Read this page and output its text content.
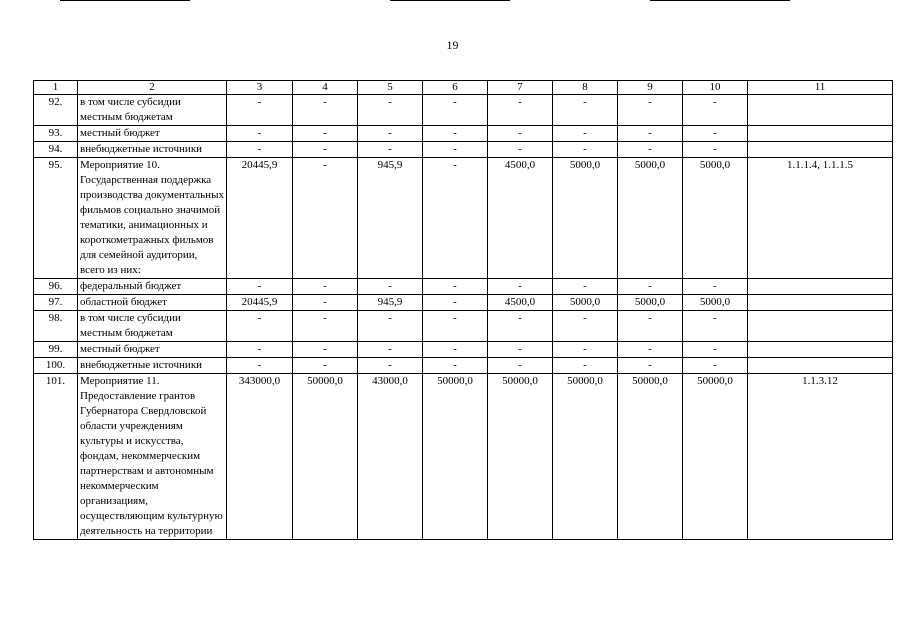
19
1	2	3	4	5	6	7	8	9	10	11
92.	в том числе субсидии местным бюджетам	-	-	-	-	-	-	-	-	
93.	местный бюджет	-	-	-	-	-	-	-	-	
94.	внебюджетные источники	-	-	-	-	-	-	-	-	
95.	Мероприятие 10. Государственная поддержка производства документальных фильмов социально значимой тематики, анимационных и короткометражных фильмов для семейной аудитории, всего из них:	20445,9	-	945,9	-	4500,0	5000,0	5000,0	5000,0	1.1.1.4, 1.1.1.5
96.	федеральный бюджет	-	-	-	-	-	-	-	-	
97.	областной бюджет	20445,9	-	945,9	-	4500,0	5000,0	5000,0	5000,0	
98.	в том числе субсидии местным бюджетам	-	-	-	-	-	-	-	-	
99.	местный бюджет	-	-	-	-	-	-	-	-	
100.	внебюджетные источники	-	-	-	-	-	-	-	-	
101.	Мероприятие 11. Предоставление грантов Губернатора Свердловской области учреждениям культуры и искусства, фондам, некоммерческим партнерствам и автономным некоммерческим организациям, осуществляющим культурную деятельность на территории	343000,0	50000,0	43000,0	50000,0	50000,0	50000,0	50000,0	50000,0	1.1.3.12
